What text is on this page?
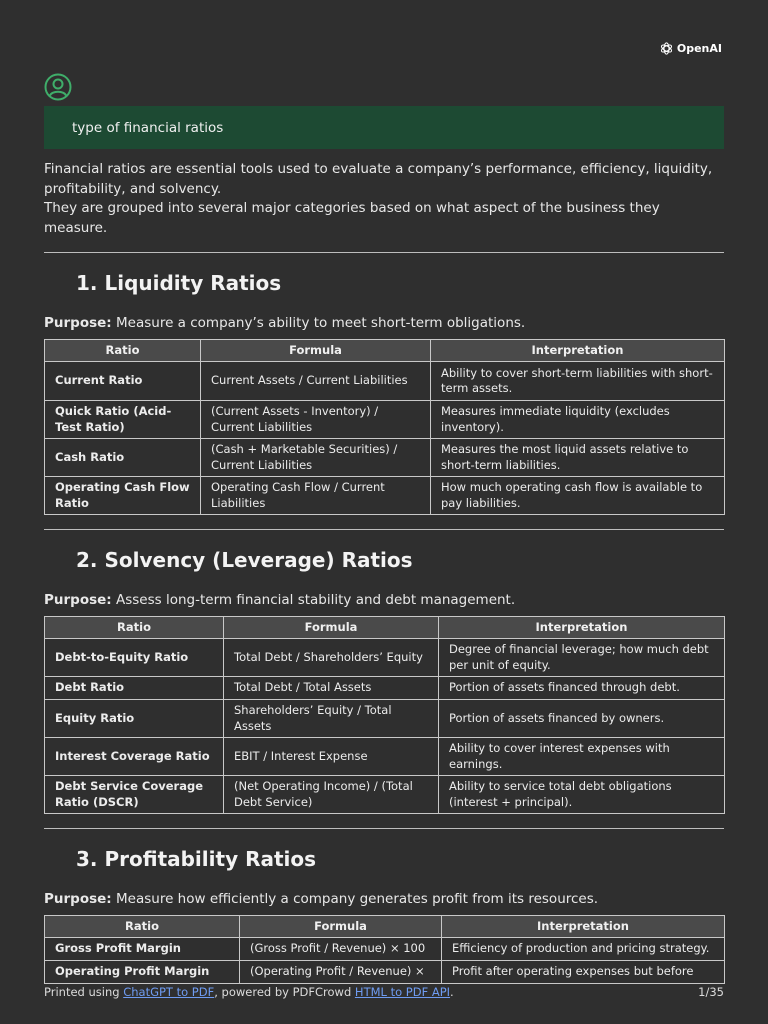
OpenAI
type of financial ratios

Financial ratios are essential tools used to evaluate a company’s performance, efficiency, liquidity, profitability, and solvency.

They are grouped into several major categories based on what aspect of the business they measure.

1. Liquidity Ratios

Purpose: Measure a company’s ability to meet short-term obligations.

Ratio	Formula	Interpretation
Current Ratio	Current Assets / Current Liabilities	Ability to cover short-term liabilities with short-term assets.
Quick Ratio (Acid-Test Ratio)	(Current Assets - Inventory) / Current Liabilities	Measures immediate liquidity (excludes inventory).
Cash Ratio	(Cash + Marketable Securities) / Current Liabilities	Measures the most liquid assets relative to short-term liabilities.
Operating Cash Flow Ratio	Operating Cash Flow / Current Liabilities	How much operating cash flow is available to pay liabilities.
2. Solvency (Leverage) Ratios

Purpose: Assess long-term financial stability and debt management.

Ratio	Formula	Interpretation
Debt-to-Equity Ratio	Total Debt / Shareholders’ Equity	Degree of financial leverage; how much debt per unit of equity.
Debt Ratio	Total Debt / Total Assets	Portion of assets financed through debt.
Equity Ratio	Shareholders’ Equity / Total Assets	Portion of assets financed by owners.
Interest Coverage Ratio	EBIT / Interest Expense	Ability to cover interest expenses with earnings.
Debt Service Coverage Ratio (DSCR)	(Net Operating Income) / (Total Debt Service)	Ability to service total debt obligations (interest + principal).
3. Profitability Ratios

Purpose: Measure how efficiently a company generates profit from its resources.

Ratio	Formula	Interpretation
Gross Profit Margin	(Gross Profit / Revenue) × 100	Efficiency of production and pricing strategy.
Operating Profit Margin	(Operating Profit / Revenue) ×	Profit after operating expenses but before
Printed using ChatGPT to PDF, powered by PDFCrowd HTML to PDF API.	1/35
